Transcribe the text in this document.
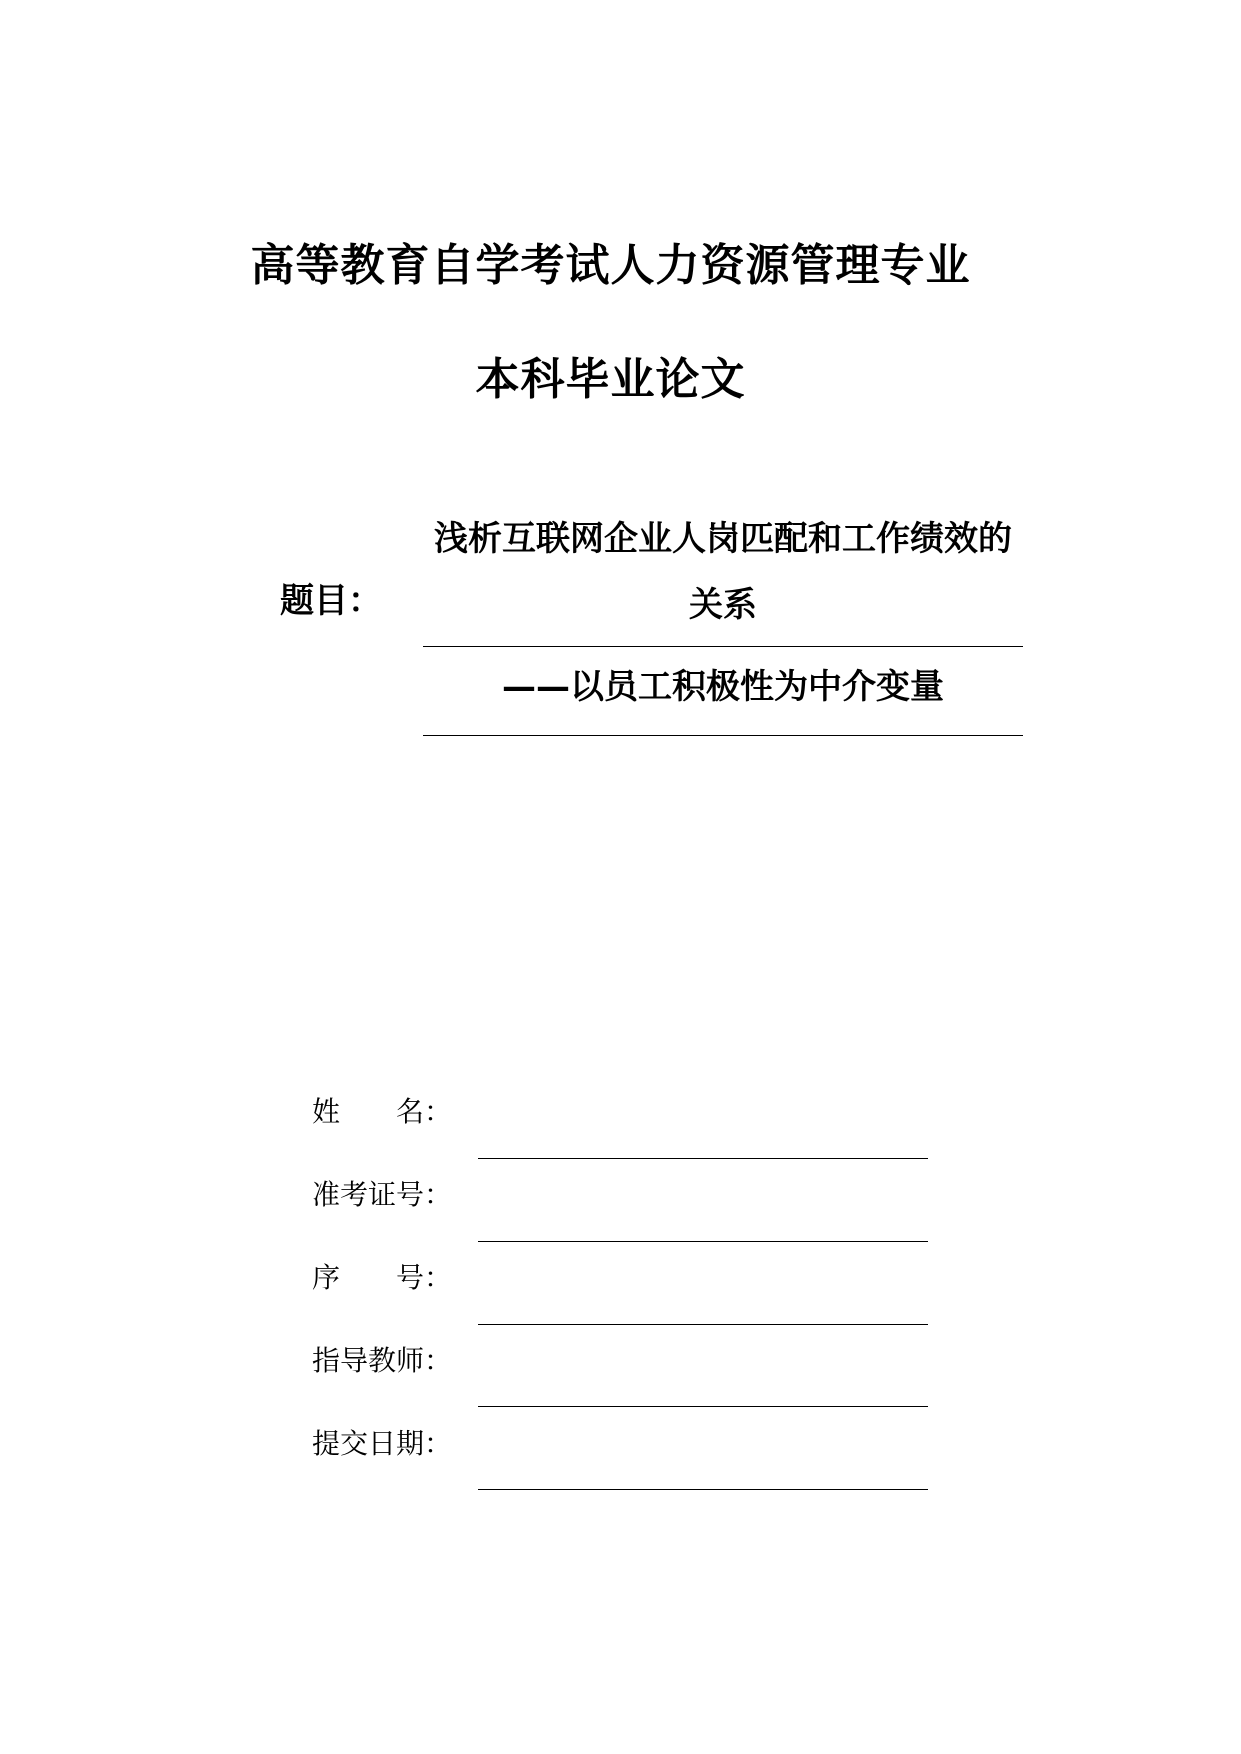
高等教育自学考试人力资源管理专业
本科毕业论文
题目：
浅析互联网企业人岗匹配和工作绩效的关系
——以员工积极性为中介变量
姓　　名：
准考证号：
序　　号：
指导教师：
提交日期：
